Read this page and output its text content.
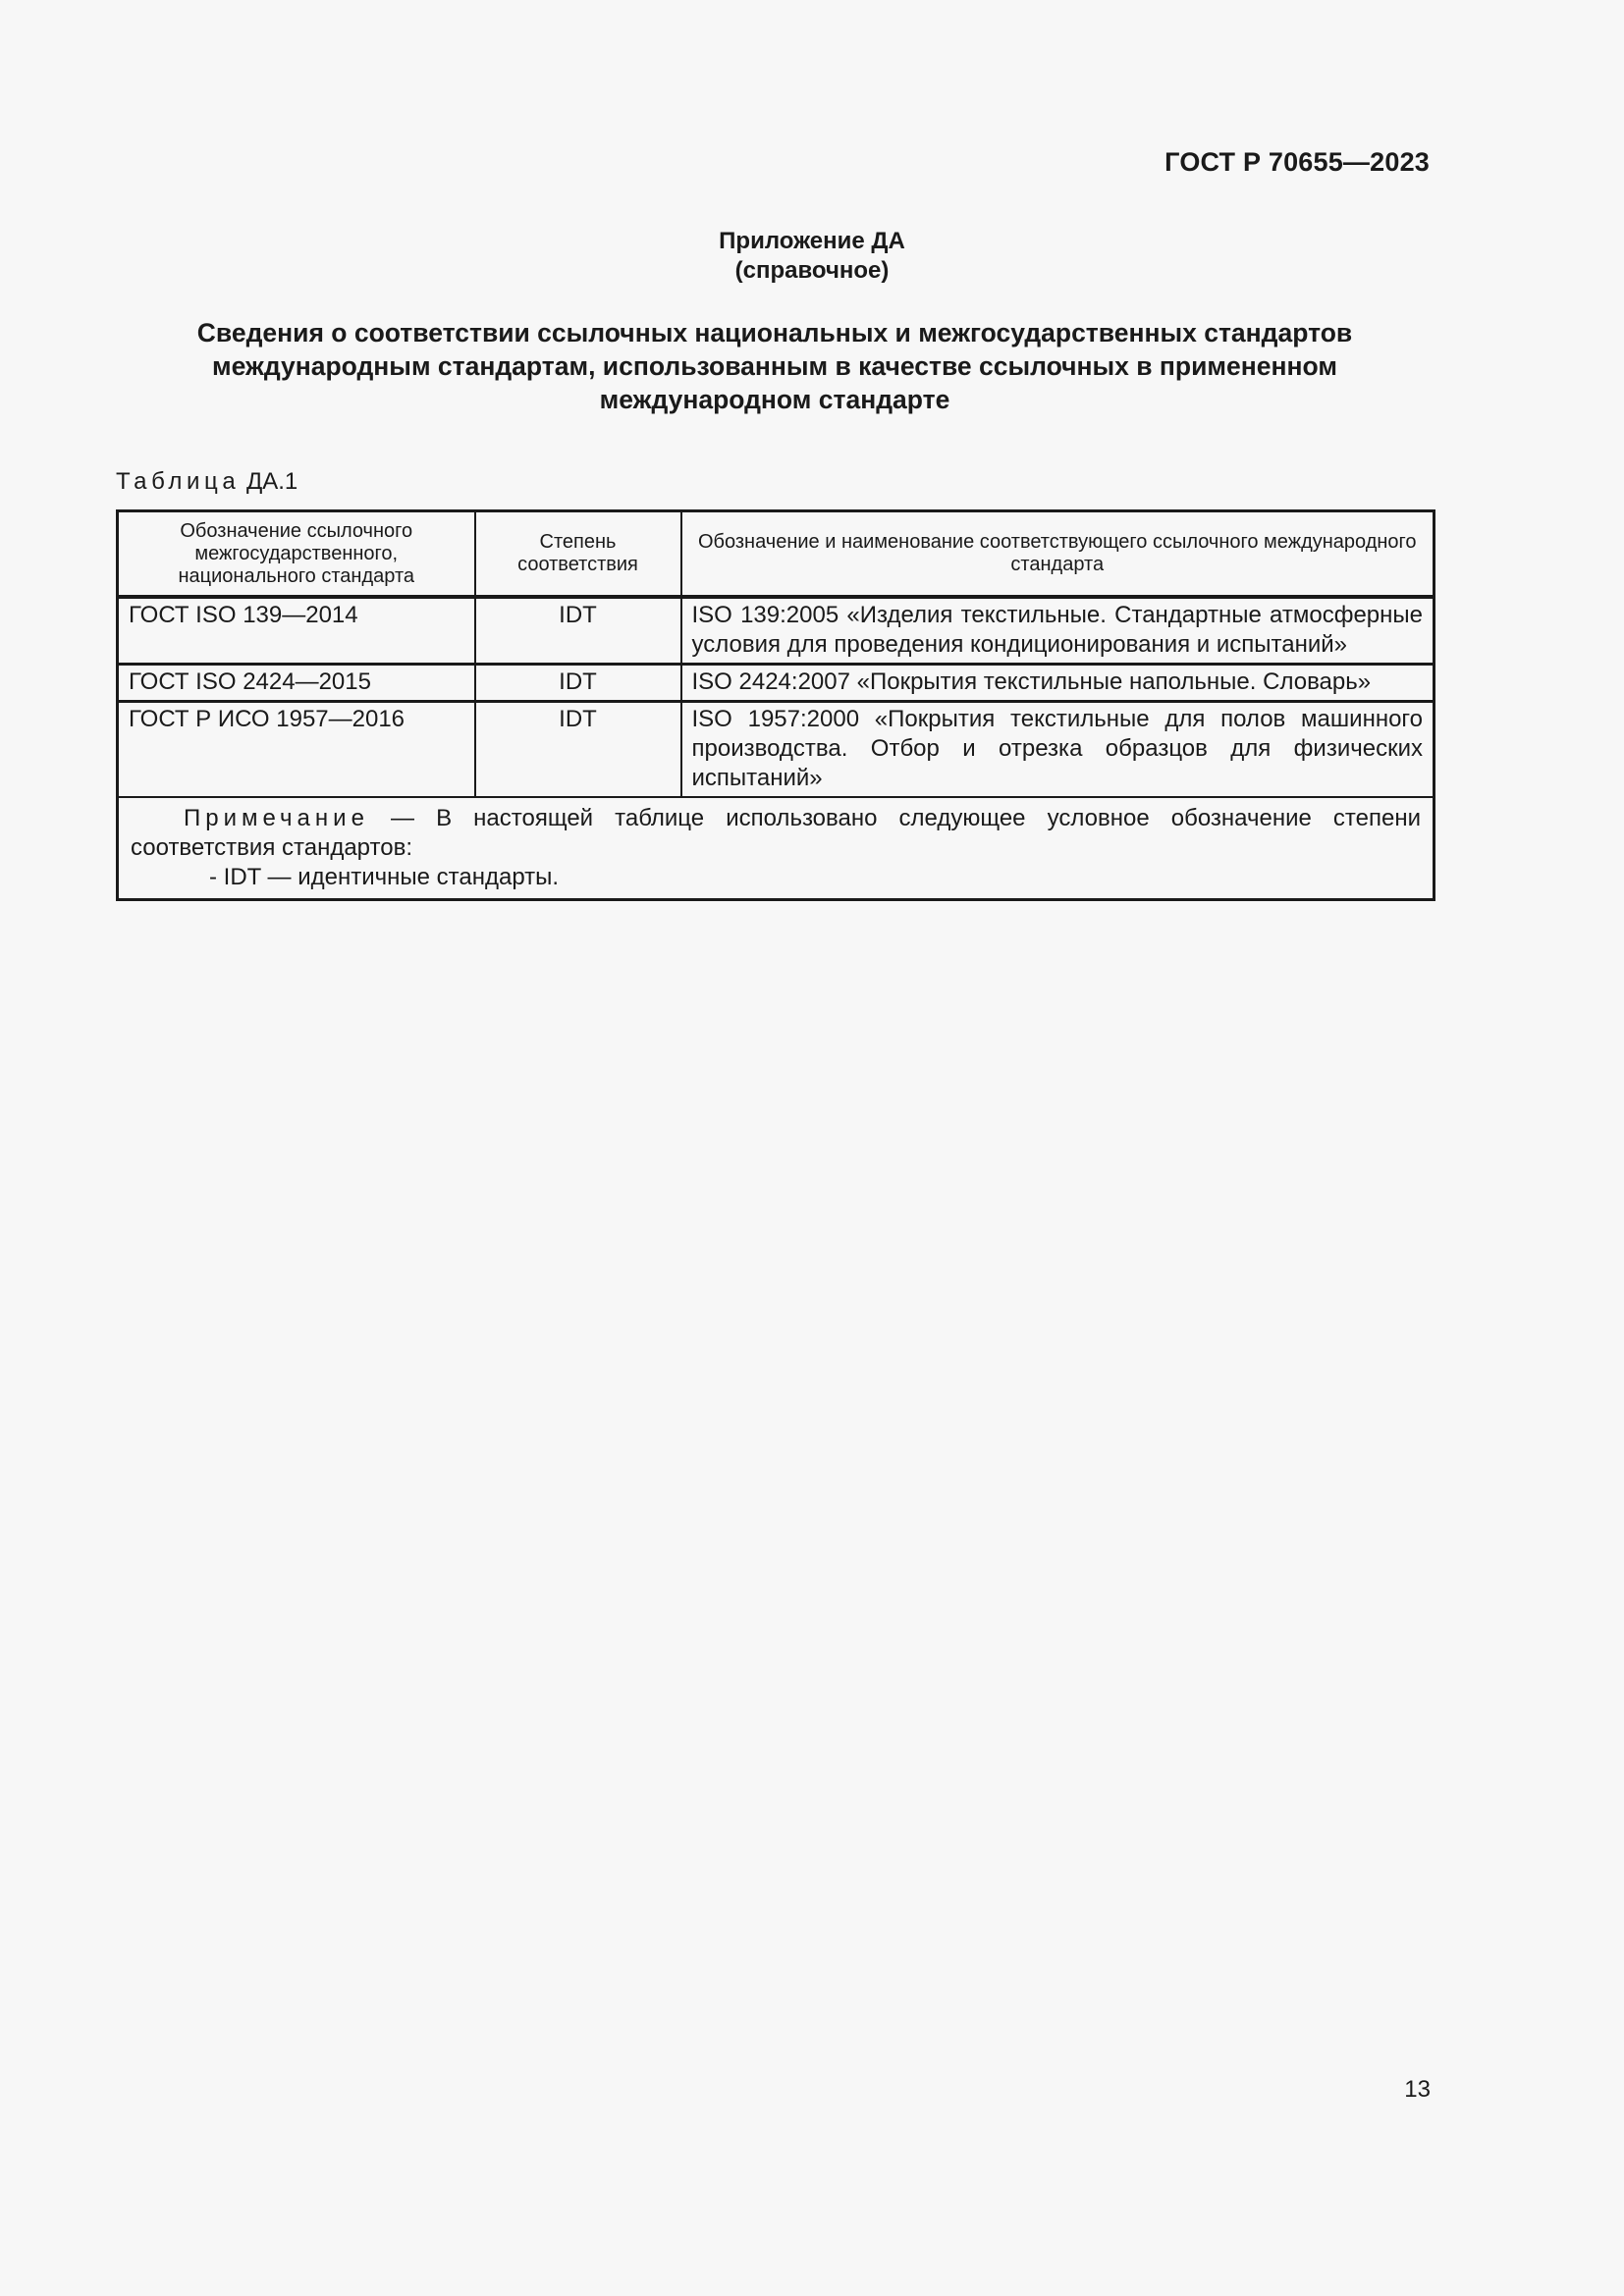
ГОСТ Р 70655—2023
Приложение ДА
(справочное)
Сведения о соответствии ссылочных национальных и межгосударственных стандартов
международным стандартам, использованным в качестве ссылочных в примененном
международном стандарте
Таблица ДА.1
Обозначение ссылочного межгосударственного, национального стандарта	Степень соответствия	Обозначение и наименование соответствующего ссылочного международного стандарта
ГОСТ ISO 139—2014	IDT	ISO 139:2005 «Изделия текстильные. Стандартные атмосферные условия для проведения кондиционирования и испытаний»
ГОСТ ISO 2424—2015	IDT	ISO 2424:2007 «Покрытия текстильные напольные. Словарь»
ГОСТ Р ИСО 1957—2016	IDT	ISO 1957:2000 «Покрытия текстильные для полов машинного производства. Отбор и отрезка образцов для физических испытаний»

Примечание — В настоящей таблице использовано следующее условное обозначение степени соответствия стандартов:
- IDT — идентичные стандарты.		
13
